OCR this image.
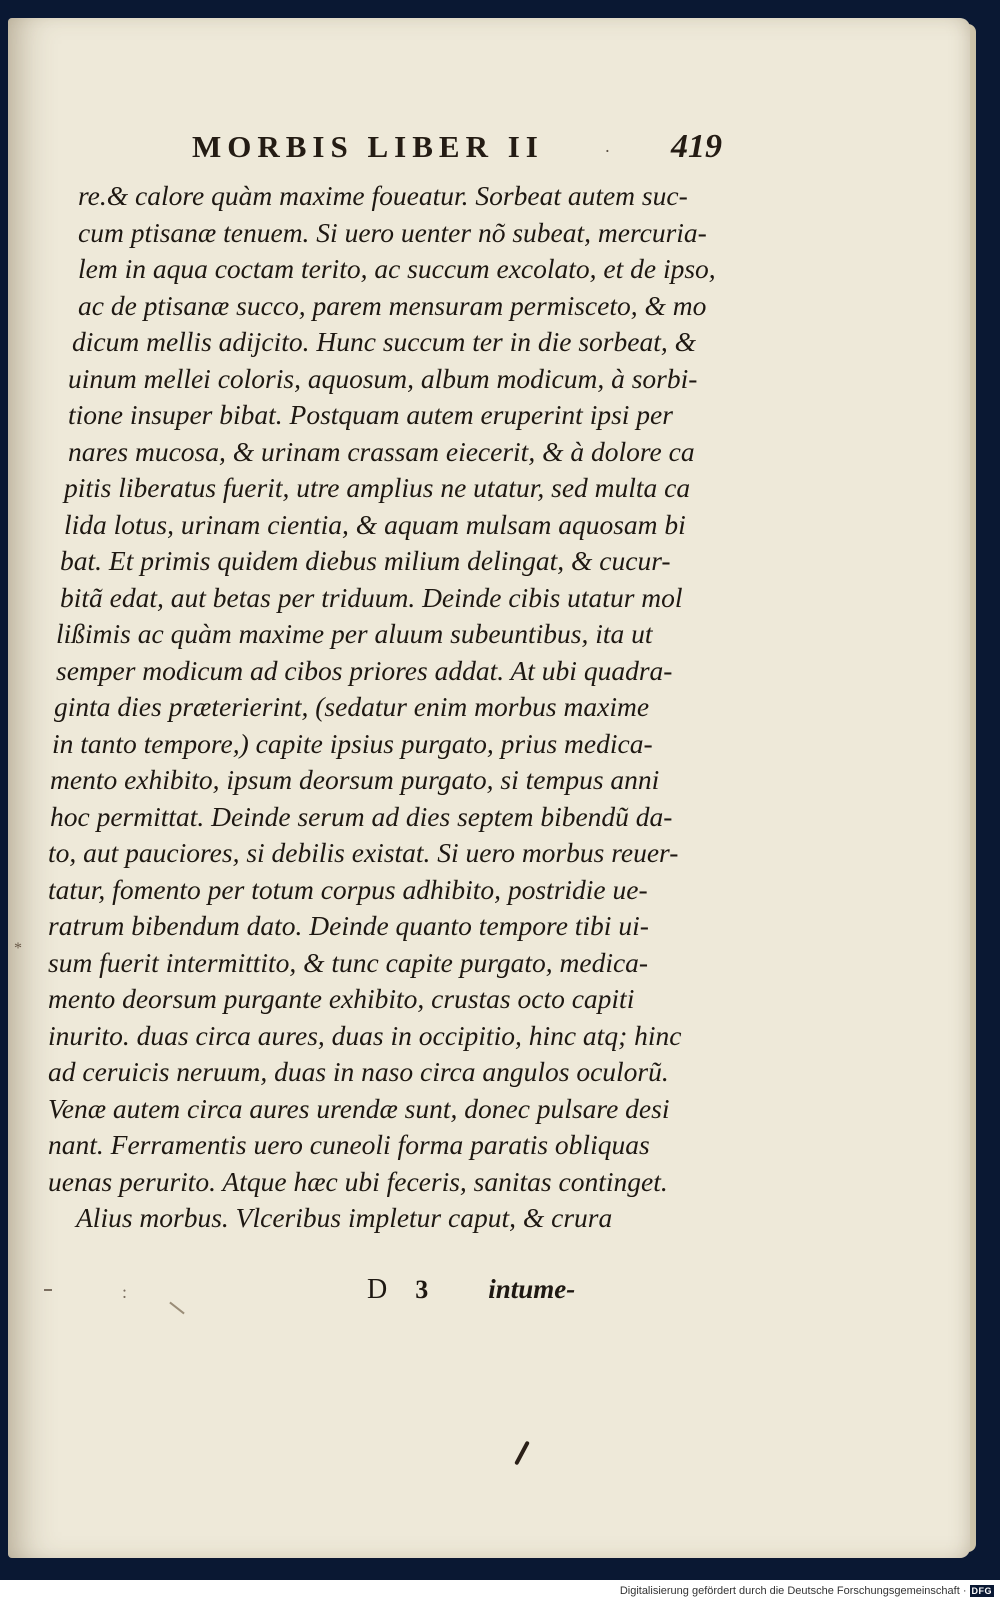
MORBIS LIBER II	· 419
re.& calore quàm maxime foueatur. Sorbeat autem suc-
cum ptisanæ tenuem. Si uero uenter nõ subeat, mercuria-
lem in aqua coctam terito, ac succum excolato, et de ipso,
ac de ptisanæ succo, parem mensuram permisceto, & mo
dicum mellis adijcito. Hunc succum ter in die sorbeat, &
uinum mellei coloris, aquosum, album modicum, à sorbi-
tione insuper bibat. Postquam autem eruperint ipsi per
nares mucosa, & urinam crassam eiecerit, & à dolore ca
pitis liberatus fuerit, utre amplius ne utatur, sed multa ca
lida lotus, urinam cientia, & aquam mulsam aquosam bi
bat. Et primis quidem diebus milium delingat, & cucur-
bitã edat, aut betas per triduum. Deinde cibis utatur mol
lißimis ac quàm maxime per aluum subeuntibus, ita ut
semper modicum ad cibos priores addat. At ubi quadra-
ginta dies præterierint, (sedatur enim morbus maxime
in tanto tempore,) capite ipsius purgato, prius medica-
mento exhibito, ipsum deorsum purgato, si tempus anni
hoc permittat. Deinde serum ad dies septem bibendũ da-
to, aut pauciores, si debilis existat. Si uero morbus reuer-
tatur, fomento per totum corpus adhibito, postridie ue-
ratrum bibendum dato. Deinde quanto tempore tibi ui-
sum fuerit intermittito, & tunc capite purgato, medica-
mento deorsum purgante exhibito, crustas octo capiti
inurito. duas circa aures, duas in occipitio, hinc atq; hinc
ad ceruicis neruum, duas in naso circa angulos oculorũ.
Venæ autem circa aures urendæ sunt, donec pulsare desi
nant. Ferramentis uero cuneoli forma paratis obliquas
uenas perurito. Atque hæc ubi feceris, sanitas continget.
Alius morbus. Vlceribus impletur caput, & crura
*
:	D 3 intume-
Digitalisierung gefördert durch die Deutsche Forschungsgemeinschaft · DFG
